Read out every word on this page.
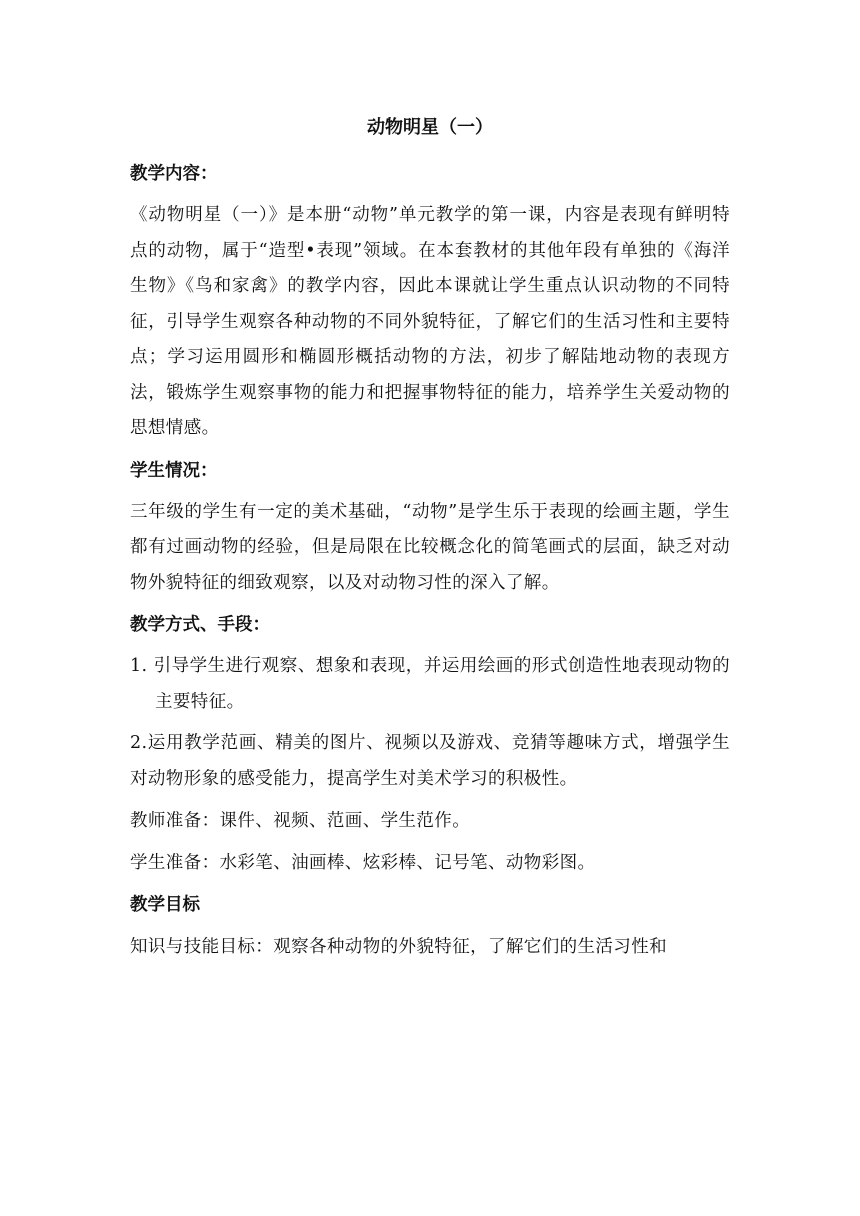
动物明星（一）
教学内容：
《动物明星（一）》是本册“动物”单元教学的第一课，内容是表现有鲜明特点的动物，属于“造型•表现”领域。在本套教材的其他年段有单独的《海洋生物》《鸟和家禽》的教学内容，因此本课就让学生重点认识动物的不同特征，引导学生观察各种动物的不同外貌特征，了解它们的生活习性和主要特点；学习运用圆形和椭圆形概括动物的方法，初步了解陆地动物的表现方法，锻炼学生观察事物的能力和把握事物特征的能力，培养学生关爱动物的思想情感。
学生情况：
三年级的学生有一定的美术基础，“动物”是学生乐于表现的绘画主题，学生都有过画动物的经验，但是局限在比较概念化的简笔画式的层面，缺乏对动物外貌特征的细致观察，以及对动物习性的深入了解。
教学方式、手段：
1. 引导学生进行观察、想象和表现，并运用绘画的形式创造性地表现动物的主要特征。
2.运用教学范画、精美的图片、视频以及游戏、竞猜等趣味方式，增强学生对动物形象的感受能力，提高学生对美术学习的积极性。
教师准备：课件、视频、范画、学生范作。
学生准备：水彩笔、油画棒、炫彩棒、记号笔、动物彩图。
教学目标
知识与技能目标：观察各种动物的外貌特征，了解它们的生活习性和
